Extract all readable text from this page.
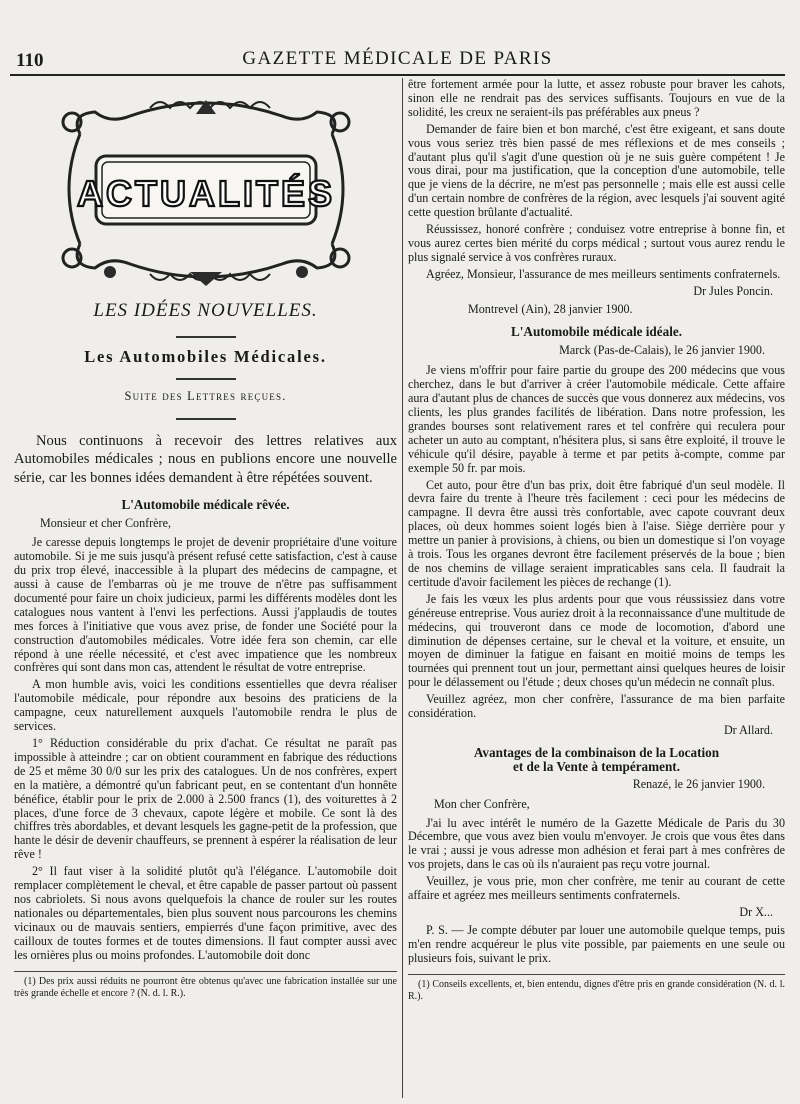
110	GAZETTE MÉDICALE DE PARIS
ACTUALITÉS
LES IDÉES NOUVELLES.
Les Automobiles Médicales.
Suite des Lettres reçues.

Nous continuons à recevoir des lettres relatives aux Automobiles médicales ; nous en publions encore une nouvelle série, car les bonnes idées demandent à être répétées souvent.

L'Automobile médicale rêvée.

Monsieur et cher Confrère,

Je caresse depuis longtemps le projet de devenir propriétaire d'une voiture automobile. Si je me suis jusqu'à présent refusé cette satisfaction, c'est à cause du prix trop élevé, inaccessible à la plupart des médecins de campagne, et aussi à cause de l'embarras où je me trouve de n'être pas suffisamment documenté pour faire un choix judicieux, parmi les différents modèles dont les catalogues nous vantent à l'envi les perfections. Aussi j'applaudis de toutes mes forces à l'initiative que vous avez prise, de fonder une Société pour la construction d'automobiles médicales. Votre idée fera son chemin, car elle répond à une réelle nécessité, et c'est avec impatience que les nombreux confrères qui sont dans mon cas, attendent le résultat de votre entreprise.

A mon humble avis, voici les conditions essentielles que devra réaliser l'automobile médicale, pour répondre aux besoins des praticiens de la campagne, ceux naturellement auxquels l'automobile rendra le plus de services.

1° Réduction considérable du prix d'achat. Ce résultat ne paraît pas impossible à atteindre ; car on obtient couramment en fabrique des réductions de 25 et même 30 0/0 sur les prix des catalogues. Un de nos confrères, expert en la matière, a démontré qu'un fabricant peut, en se contentant d'un honnête bénéfice, établir pour le prix de 2.000 à 2.500 francs (1), des voiturettes à 2 places, d'une force de 3 chevaux, capote légère et mobile. Ce sont là des chiffres très abordables, et devant lesquels les gagne-petit de la profession, que hante le désir de devenir chauffeurs, se prennent à espérer la réalisation de leur rêve !

2° Il faut viser à la solidité plutôt qu'à l'élégance. L'automobile doit remplacer complètement le cheval, et être capable de passer partout où passent nos cabriolets. Si nous avons quelquefois la chance de rouler sur les routes nationales ou départementales, bien plus souvent nous parcourons les chemins vicinaux ou de mauvais sentiers, empierrés d'une façon primitive, avec des cailloux de toutes formes et de toutes dimensions. Il faut compter aussi avec les ornières plus ou moins profondes. L'automobile doit donc

(1) Des prix aussi réduits ne pourront être obtenus qu'avec une fabrication installée sur une très grande échelle et encore ? (N. d. l. R.).

être fortement armée pour la lutte, et assez robuste pour braver les cahots, sinon elle ne rendrait pas des services suffisants. Toujours en vue de la solidité, les creux ne seraient-ils pas préférables aux pneus ?

Demander de faire bien et bon marché, c'est être exigeant, et sans doute vous vous seriez très bien passé de mes réflexions et de mes conseils ; d'autant plus qu'il s'agit d'une question où je ne suis guère compétent ! Je vous dirai, pour ma justification, que la conception d'une automobile, telle que je viens de la décrire, ne m'est pas personnelle ; mais elle est aussi celle d'un certain nombre de confrères de la région, avec lesquels j'ai souvent agité cette question brûlante d'actualité.

Réussissez, honoré confrère ; conduisez votre entreprise à bonne fin, et vous aurez certes bien mérité du corps médical ; surtout vous aurez rendu le plus signalé service à vos confrères ruraux.

Agréez, Monsieur, l'assurance de mes meilleurs sentiments confraternels.

Dr Jules Poncin.

Montrevel (Ain), 28 janvier 1900.

L'Automobile médicale idéale.

Marck (Pas-de-Calais), le 26 janvier 1900.

Je viens m'offrir pour faire partie du groupe des 200 médecins que vous cherchez, dans le but d'arriver à créer l'automobile médicale. Cette affaire aura d'autant plus de chances de succès que vous donnerez aux médecins, vos clients, les plus grandes facilités de libération. Dans notre profession, les grandes bourses sont relativement rares et tel confrère qui reculera pour acheter un auto au comptant, n'hésitera plus, si sans être exploité, il trouve le véhicule qu'il désire, payable à terme et par petits à-compte, comme par exemple 50 fr. par mois.

Cet auto, pour être d'un bas prix, doit être fabriqué d'un seul modèle. Il devra faire du trente à l'heure très facilement : ceci pour les médecins de campagne. Il devra être aussi très confortable, avec capote couvrant deux places, où deux hommes soient logés bien à l'aise. Siège derrière pour y mettre un panier à provisions, à chiens, ou bien un domestique si l'on voyage à trois. Tous les organes devront être facilement préservés de la boue ; bien de nos chemins de village seraient impraticables sans cela. Il faudrait la certitude d'avoir facilement les pièces de rechange (1).

Je fais les vœux les plus ardents pour que vous réussissiez dans votre généreuse entreprise. Vous auriez droit à la reconnaissance d'une multitude de médecins, qui trouveront dans ce mode de locomotion, d'abord une diminution de dépenses certaine, sur le cheval et la voiture, et ensuite, un moyen de diminuer la fatigue en faisant en moitié moins de temps les tournées qui prennent tout un jour, permettant ainsi quelques heures de loisir pour le délassement ou l'étude ; deux choses qu'un médecin ne connaît plus.

Veuillez agréez, mon cher confrère, l'assurance de ma bien parfaite considération.

Dr Allard.

Avantages de la combinaison de la Location
et de la Vente à tempérament.

Renazé, le 26 janvier 1900.

Mon cher Confrère,

J'ai lu avec intérêt le numéro de la Gazette Médicale de Paris du 30 Décembre, que vous avez bien voulu m'envoyer. Je crois que vous êtes dans le vrai ; aussi je vous adresse mon adhésion et ferai part à mes confrères de vos projets, dans le cas où ils n'auraient pas reçu votre journal.

Veuillez, je vous prie, mon cher confrère, me tenir au courant de cette affaire et agréez mes meilleurs sentiments confraternels.

Dr X...

P. S. — Je compte débuter par louer une automobile quelque temps, puis m'en rendre acquéreur le plus vite possible, par paiements en une seule ou plusieurs fois, suivant le prix.

(1) Conseils excellents, et, bien entendu, dignes d'être pris en grande considération (N. d. l. R.).
